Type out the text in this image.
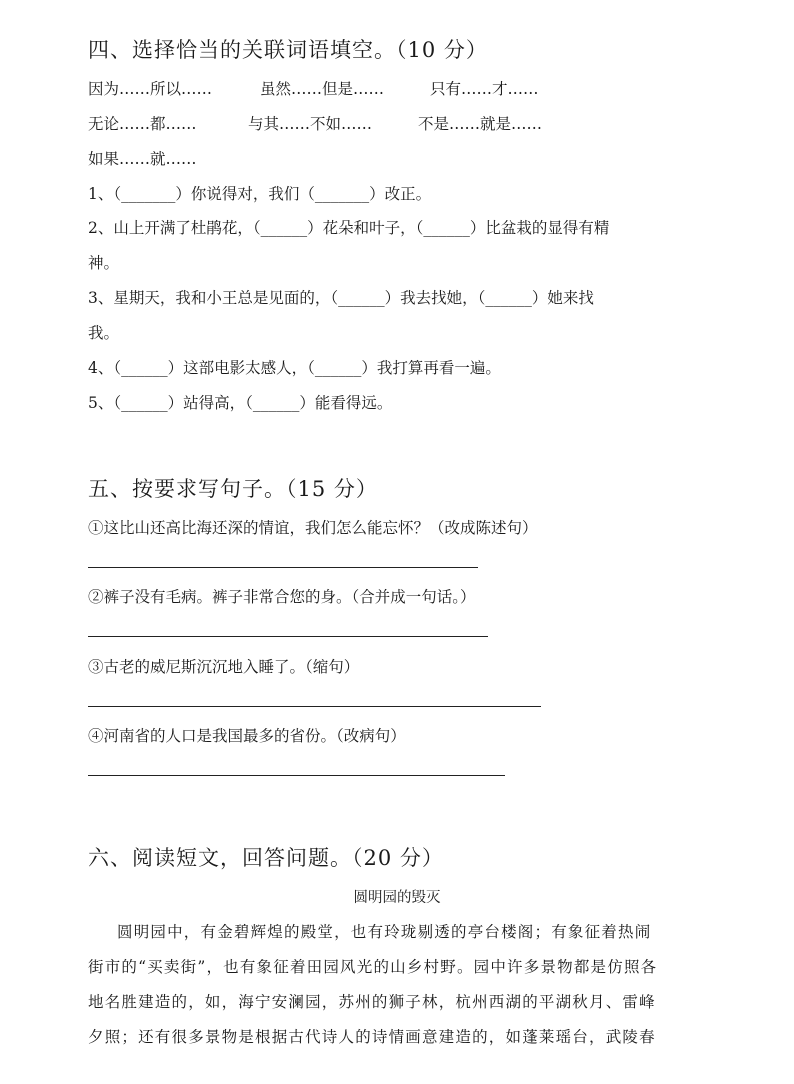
四、选择恰当的关联词语填空。（10 分）
因为……所以……	虽然……但是……	只有……才……
无论……都……	与其……不如……	不是……就是……
如果……就……
1、（_______）你说得对，我们（_______）改正。
2、山上开满了杜鹃花，（______）花朵和叶子，（______）比盆栽的显得有精
神。
3、星期天，我和小王总是见面的，（______）我去找她，（______）她来找
我。
4、（______）这部电影太感人，（______）我打算再看一遍。
5、（______）站得高，（______）能看得远。
五、按要求写句子。（15 分）
①这比山还高比海还深的情谊，我们怎么能忘怀？（改成陈述句）
②裤子没有毛病。裤子非常合您的身。（合并成一句话。）
③古老的威尼斯沉沉地入睡了。（缩句）
④河南省的人口是我国最多的省份。（改病句）
六、阅读短文，回答问题。（20 分）
圆明园的毁灭
圆明园中，有金碧辉煌的殿堂，也有玲珑剔透的亭台楼阁；有象征着热闹
街市的“买卖街”，也有象征着田园风光的山乡村野。园中许多景物都是仿照各
地名胜建造的，如，海宁安澜园，苏州的狮子林，杭州西湖的平湖秋月、雷峰
夕照；还有很多景物是根据古代诗人的诗情画意建造的，如蓬莱瑶台，武陵春
